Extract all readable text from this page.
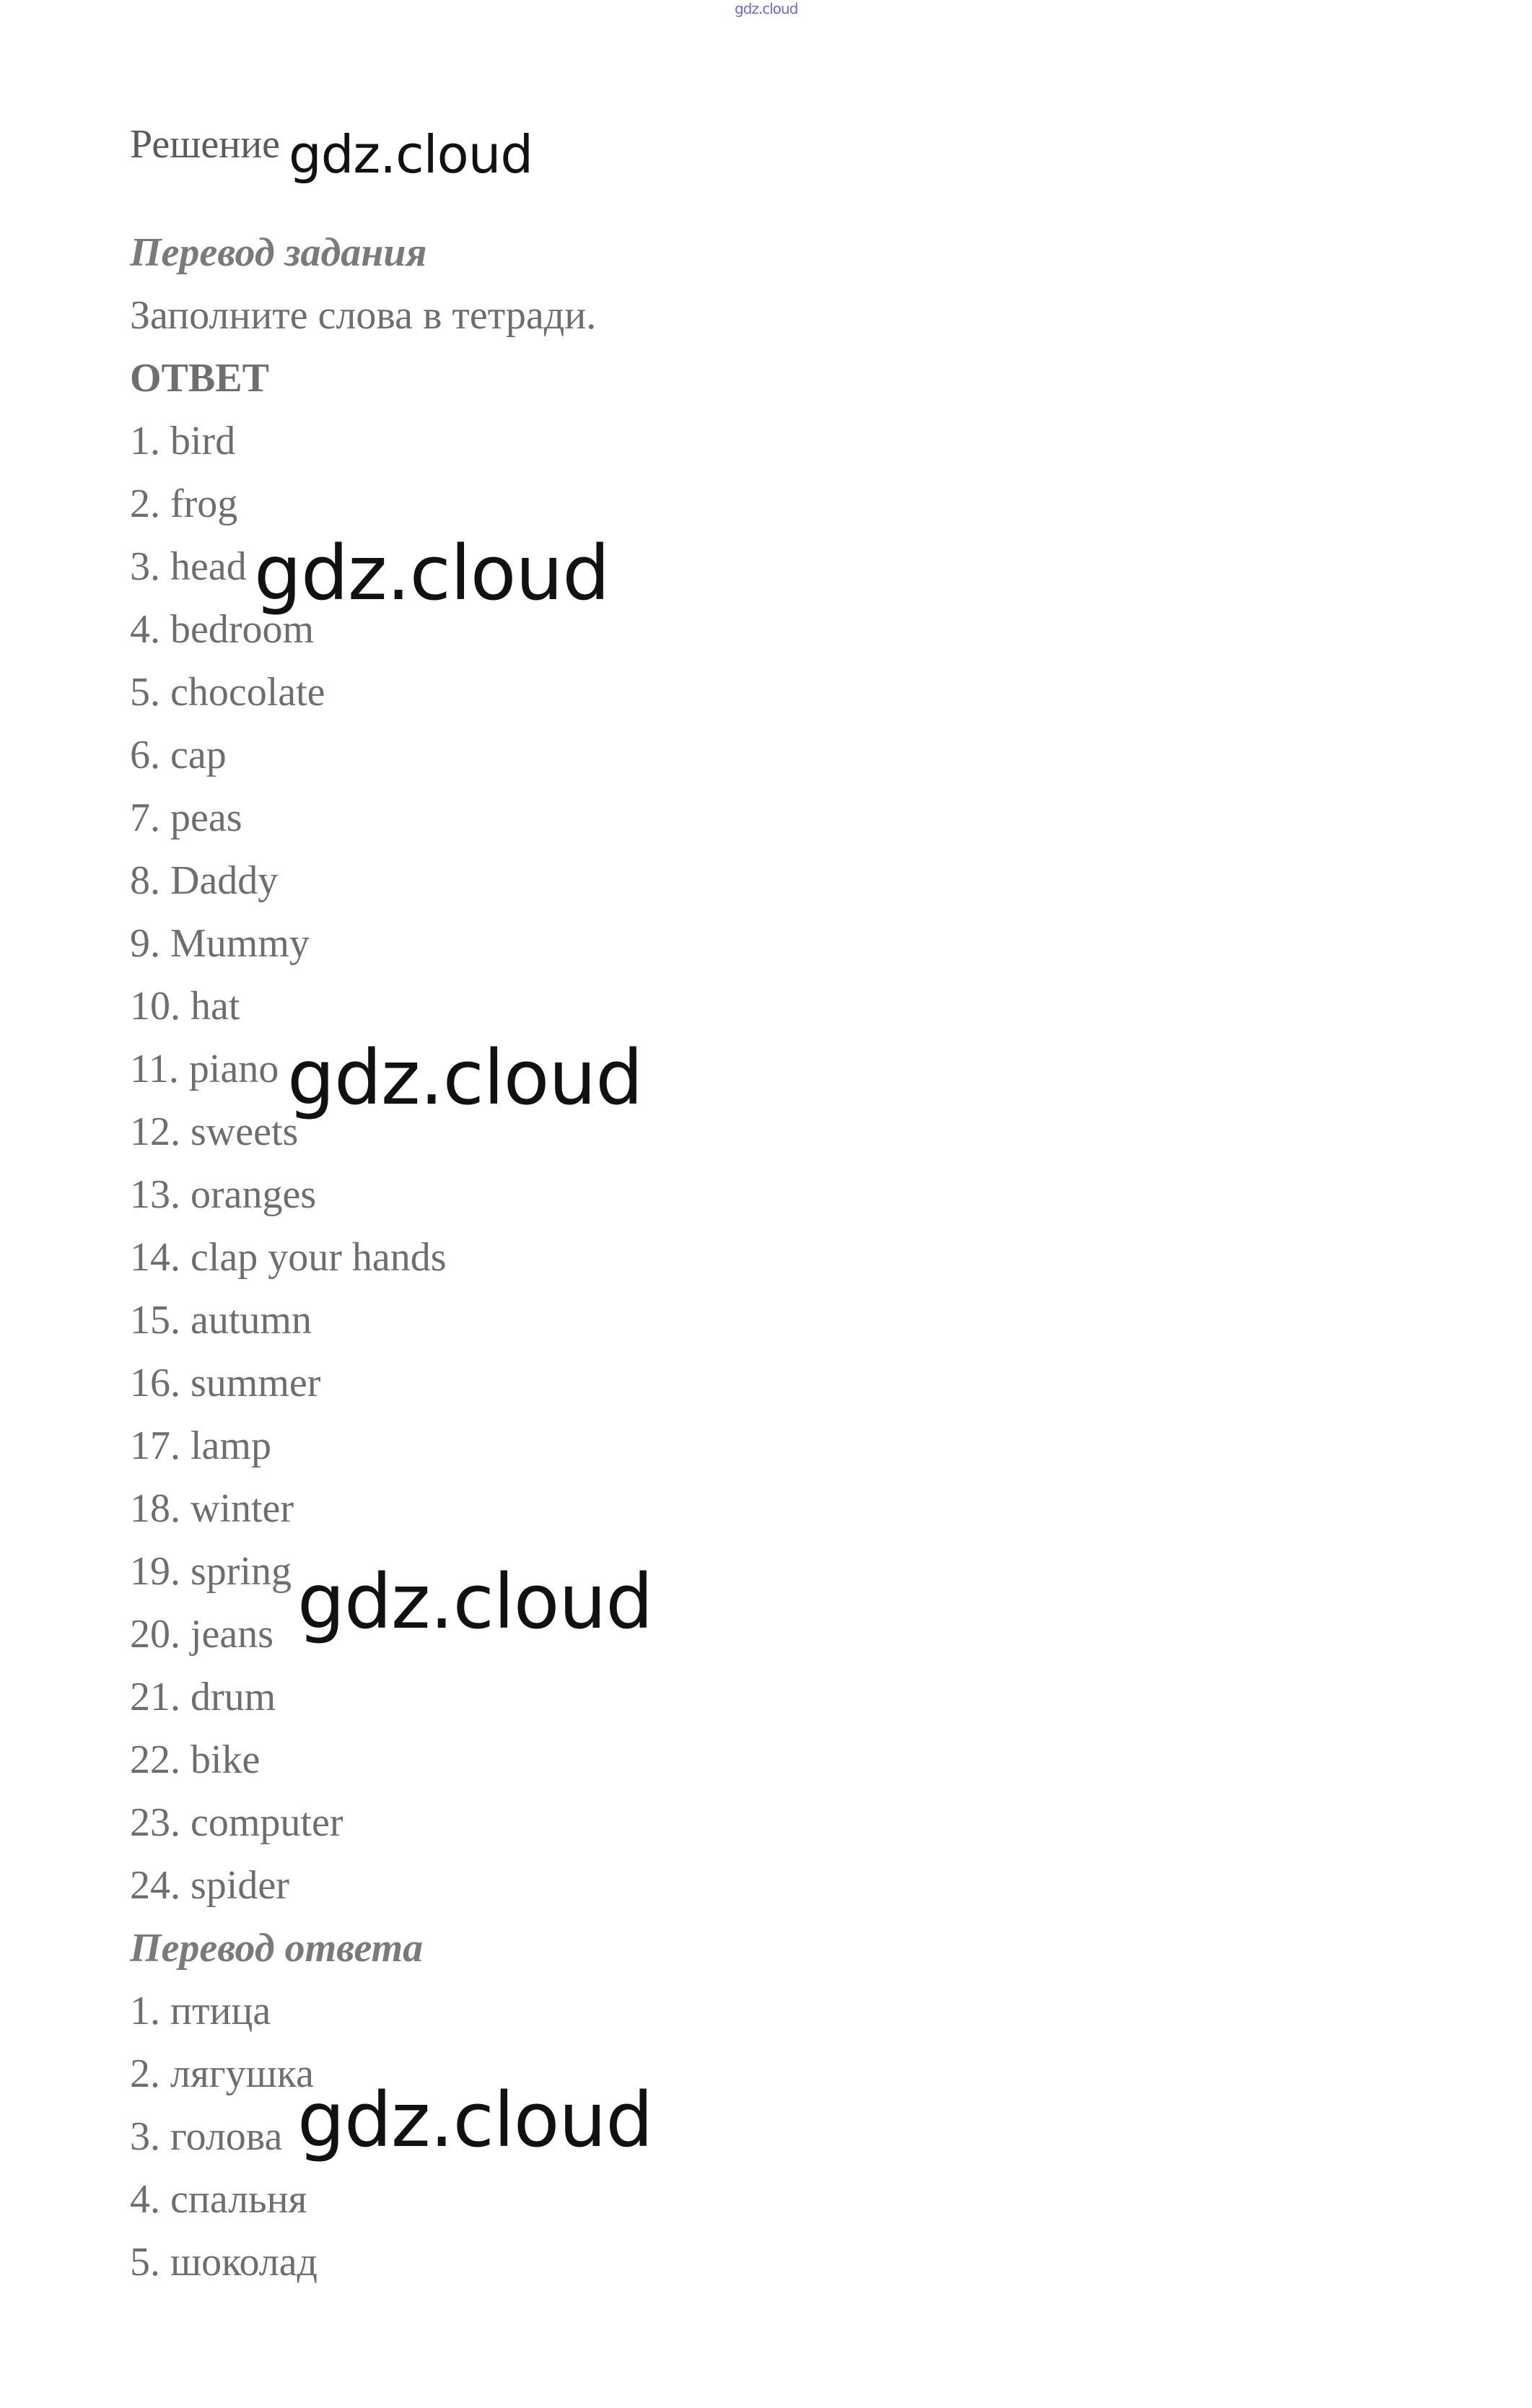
gdz.cloud
Решение
Перевод задания
Заполните слова в тетради.
ОТВЕТ
1. bird
2. frog
3. head
4. bedroom
5. chocolate
6. cap
7. peas
8. Daddy
9. Mummy
10. hat
11. piano
12. sweets
13. oranges
14. clap your hands
15. autumn
16. summer
17. lamp
18. winter
19. spring
20. jeans
21. drum
22. bike
23. computer
24. spider
Перевод ответа
1. птица
2. лягушка
3. голова
4. спальня
5. шоколад
gdz.cloud
gdz.cloud
gdz.cloud
gdz.cloud
gdz.cloud
